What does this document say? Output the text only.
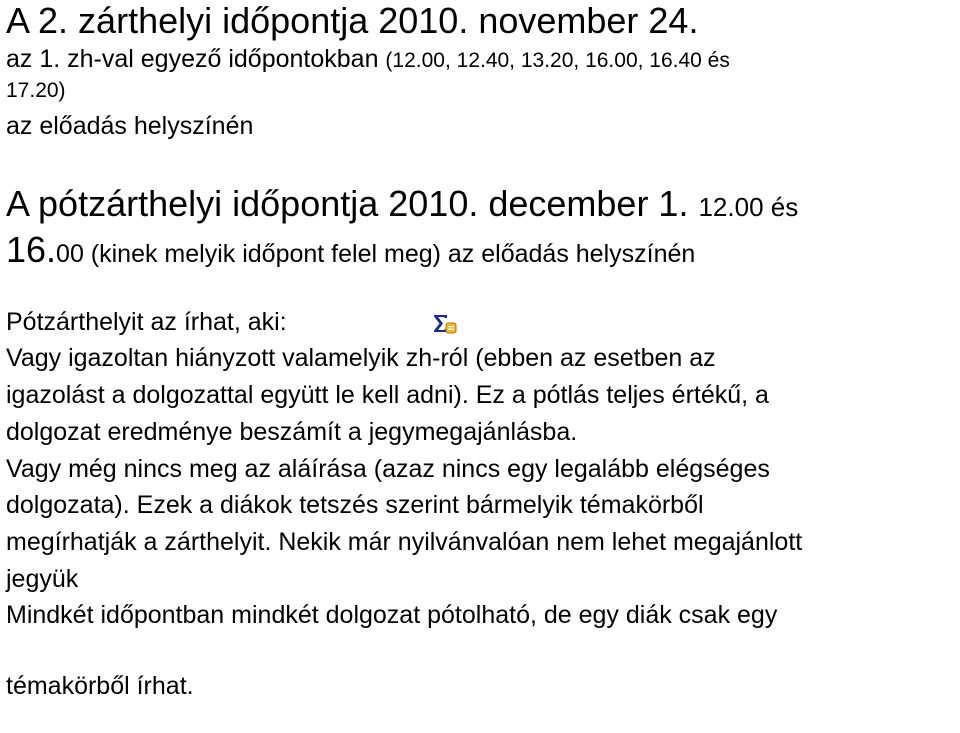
A 2. zárthelyi időpontja 2010. november 24.
az 1. zh-val egyező időpontokban (12.00, 12.40, 13.20, 16.00, 16.40 és
17.20)
az előadás helyszínén
A pótzárthelyi időpontja 2010. december 1. 12.00 és
16.00 (kinek melyik időpont felel meg) az előadás helyszínén
Pótzárthelyit az írhat, aki:
Vagy igazoltan hiányzott valamelyik zh-ról (ebben az esetben az
igazolást a dolgozattal együtt le kell adni). Ez a pótlás teljes értékű, a
dolgozat eredménye beszámít a jegymegajánlásba.
Vagy még nincs meg az aláírása (azaz nincs egy legalább elégséges
dolgozata). Ezek a diákok tetszés szerint bármelyik témakörből
megírhatják a zárthelyit. Nekik már nyilvánvalóan nem lehet megajánlott
jegyük
Mindkét időpontban mindkét dolgozat pótolható, de egy diák csak egy
témakörből írhat.
